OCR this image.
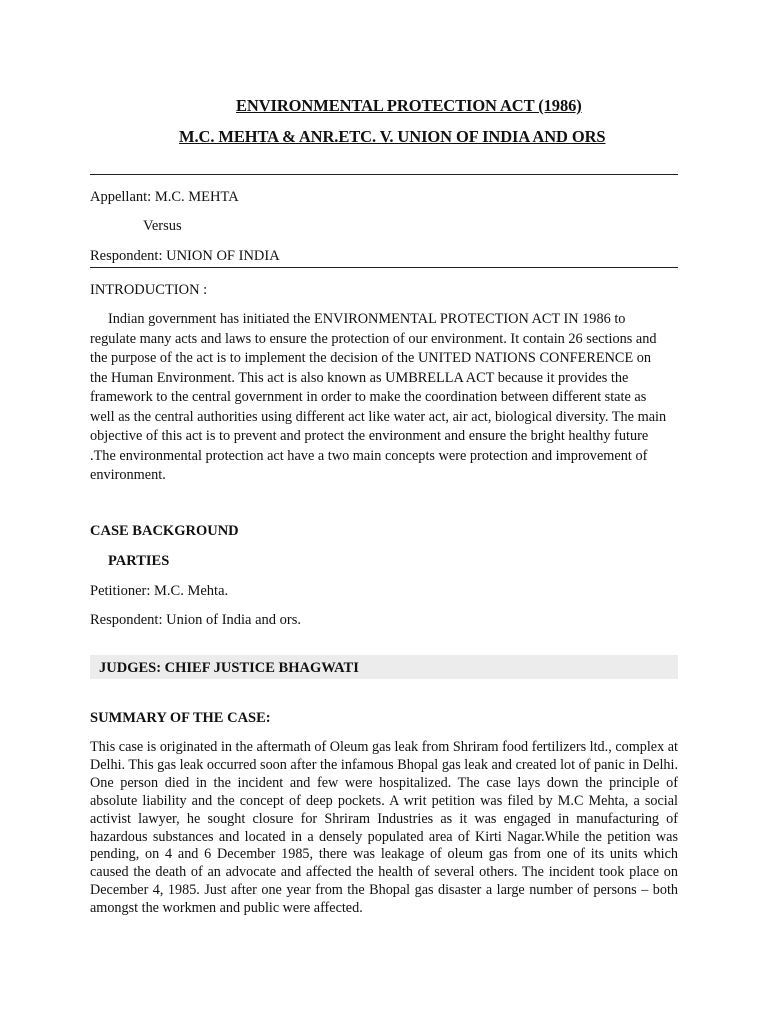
ENVIRONMENTAL PROTECTION ACT (1986)
M.C. MEHTA & ANR.ETC. V. UNION OF INDIA AND ORS
Appellant: M.C. MEHTA
Versus
Respondent: UNION OF INDIA
INTRODUCTION :

Indian government has initiated the ENVIRONMENTAL PROTECTION ACT IN 1986 to regulate many acts and laws to ensure the protection of our environment. It contain 26 sections and the purpose of the act is to implement the decision of the UNITED NATIONS CONFERENCE on the Human Environment. This act is also known as UMBRELLA ACT because it provides the framework to the central government in order to make the coordination between different state as well as the central authorities using different act like water act, air act, biological diversity. The main objective of this act is to prevent and protect the environment and ensure the bright healthy future .The environmental protection act have a two main concepts were protection and improvement of environment.

CASE BACKGROUND
PARTIES
Petitioner: M.C. Mehta.
Respondent: Union of India and ors.
JUDGES: CHIEF JUSTICE BHAGWATI
SUMMARY OF THE CASE:

This case is originated in the aftermath of Oleum gas leak from Shriram food fertilizers ltd., complex at Delhi. This gas leak occurred soon after the infamous Bhopal gas leak and created lot of panic in Delhi. One person died in the incident and few were hospitalized. The case lays down the principle of absolute liability and the concept of deep pockets. A writ petition was filed by M.C Mehta, a social activist lawyer, he sought closure for Shriram Industries as it was engaged in manufacturing of hazardous substances and located in a densely populated area of Kirti Nagar.While the petition was pending, on 4 and 6 December 1985, there was leakage of oleum gas from one of its units which caused the death of an advocate and affected the health of several others. The incident took place on December 4, 1985. Just after one year from the Bhopal gas disaster a large number of persons – both amongst the workmen and public were affected.
